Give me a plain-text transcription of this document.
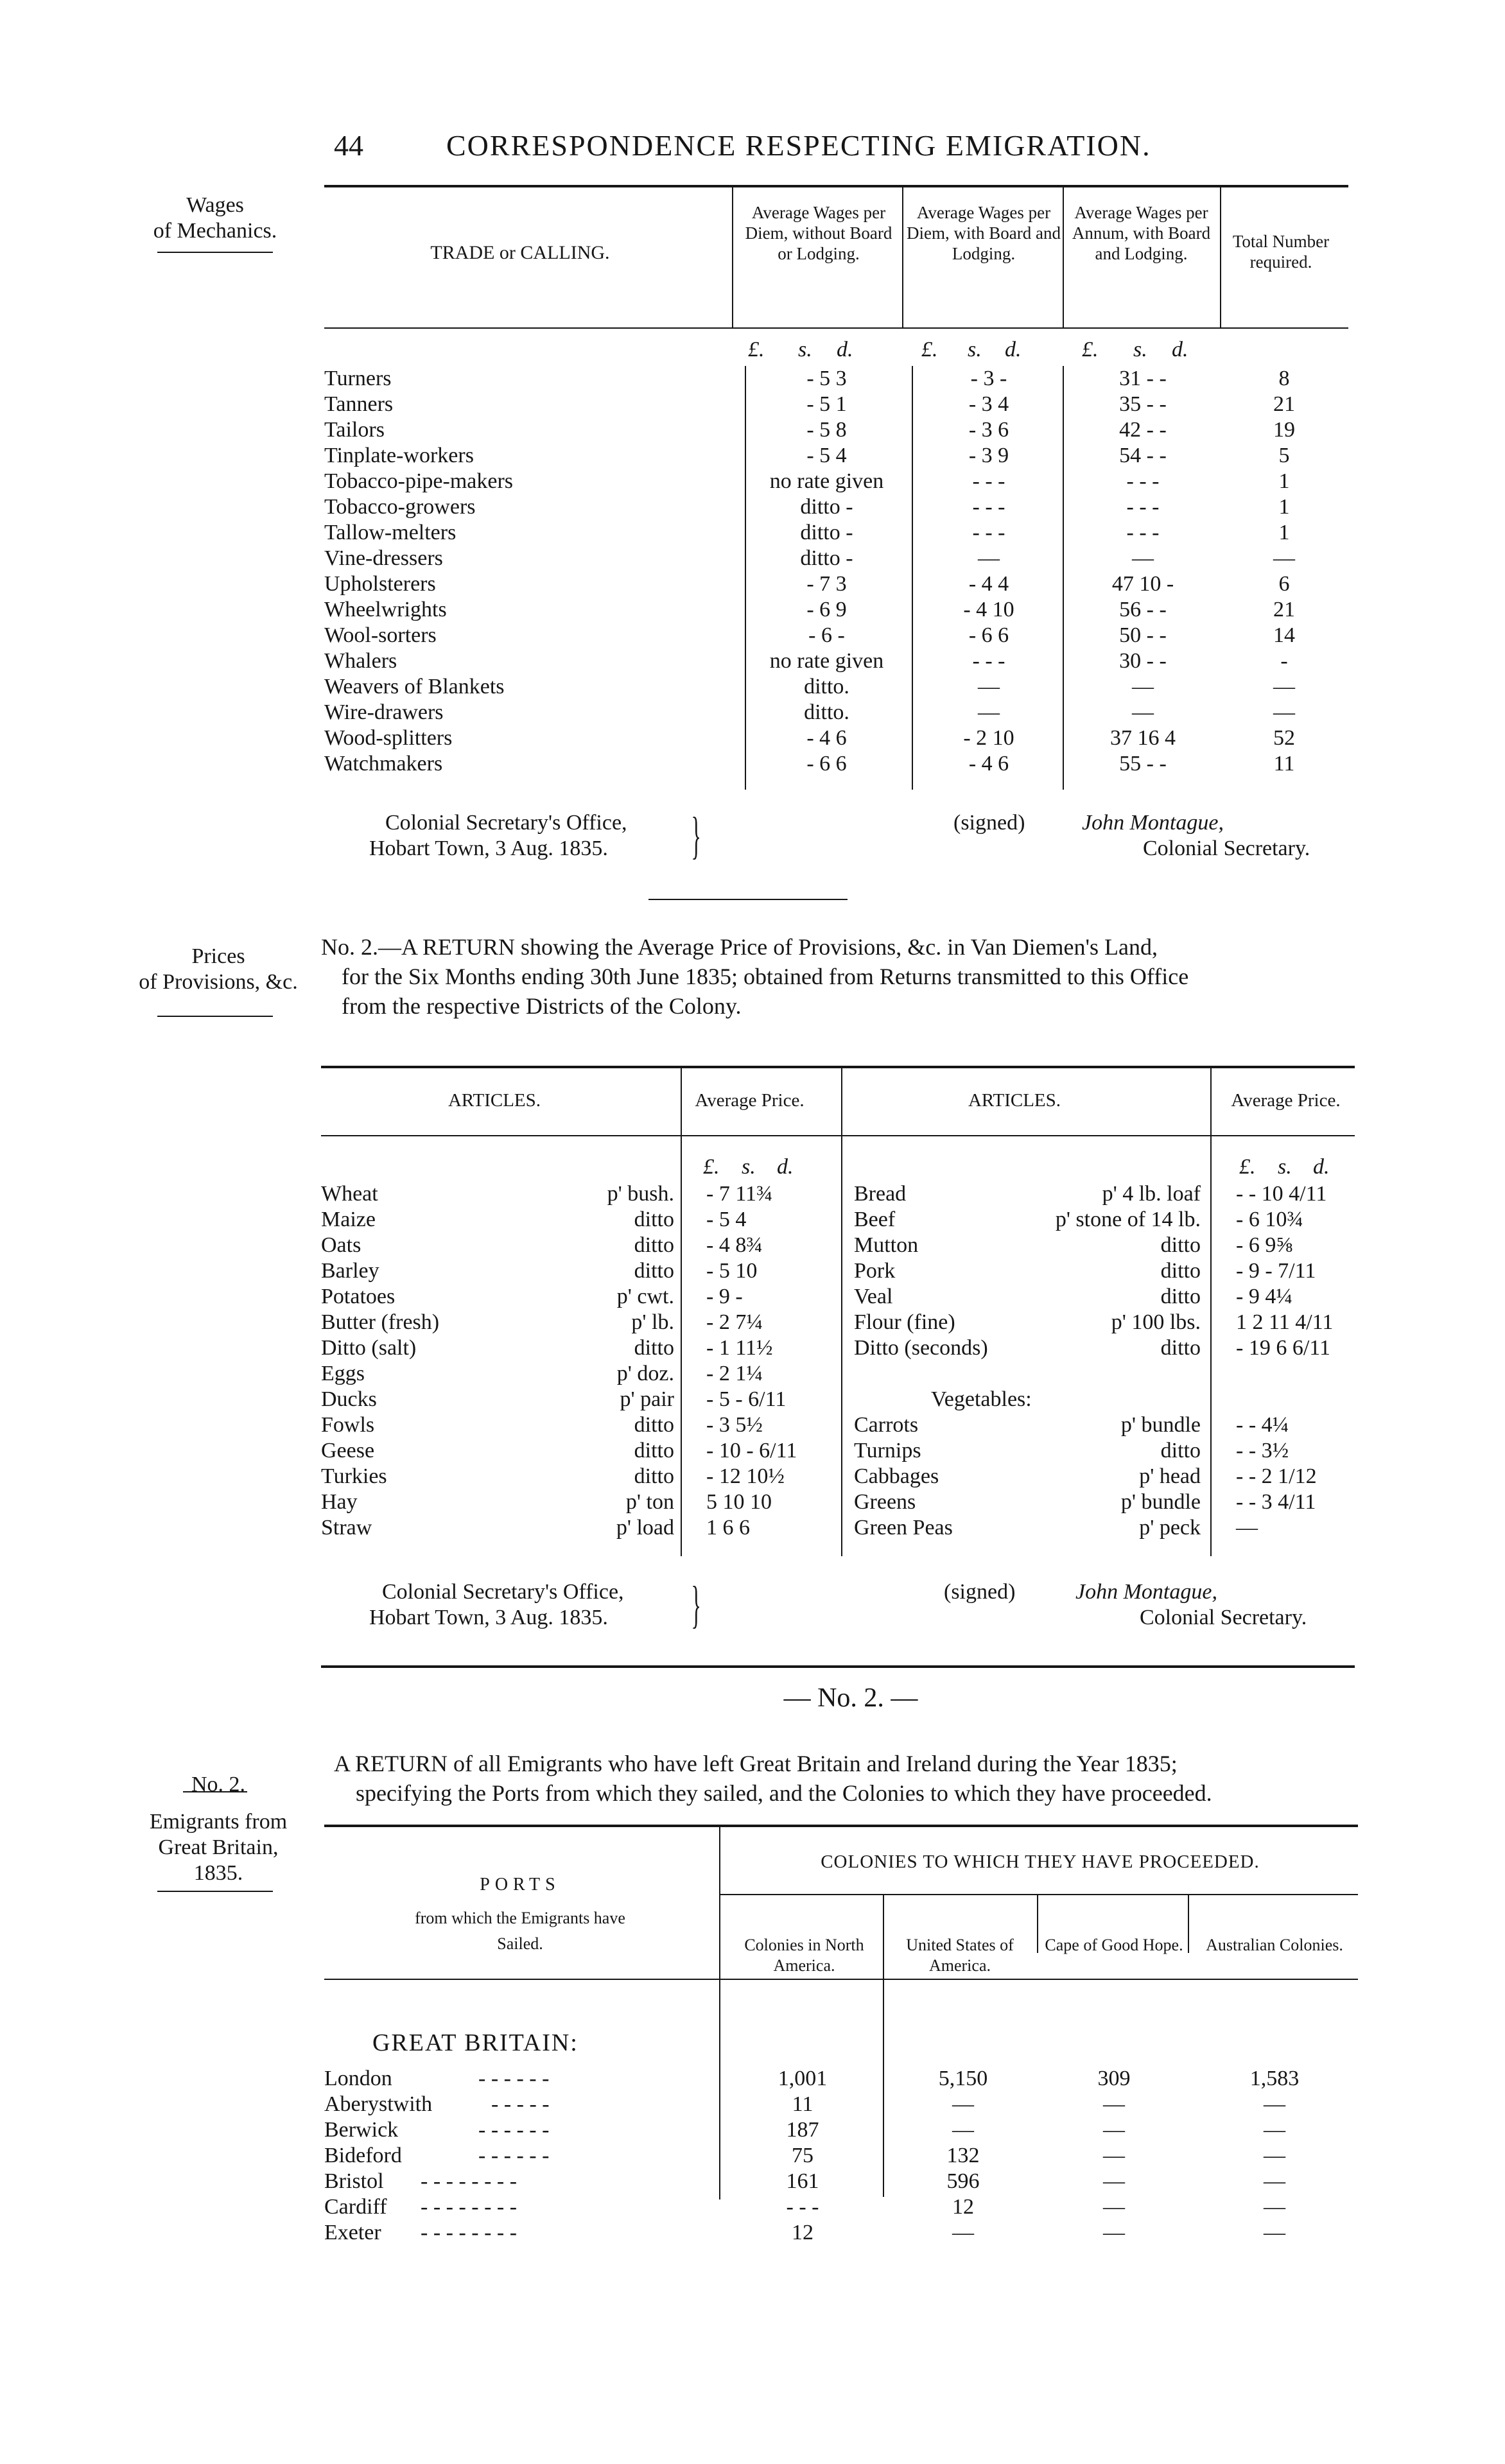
44	CORRESPONDENCE RESPECTING EMIGRATION.
Wages
of Mechanics.
TRADE or CALLING.
Average Wages per Diem, without Board or Lodging.
Average Wages per Diem, with Board and Lodging.
Average Wages per Annum, with Board and Lodging.
Total Number required.
£. s. d.	£. s. d.	£. s. d.
Turners	- 5 3	- 3 -	31 - -	8
Tanners	- 5 1	- 3 4	35 - -	21
Tailors	- 5 8	- 3 6	42 - -	19
Tinplate-workers	- 5 4	- 3 9	54 - -	5
Tobacco-pipe-makers	no rate given	- - -	- - -	1
Tobacco-growers	ditto -	- - -	- - -	1
Tallow-melters	ditto -	- - -	- - -	1
Vine-dressers	ditto -	—	—	—
Upholsterers	- 7 3	- 4 4	47 10 -	6
Wheelwrights	- 6 9	- 4 10	56 - -	21
Wool-sorters	- 6 -	- 6 6	50 - -	14
Whalers	no rate given	- - -	30 - -	-
Weavers of Blankets	ditto.	—	—	—
Wire-drawers	ditto.	—	—	—
Wood-splitters	- 4 6	- 2 10	37 16 4	52
Watchmakers	- 6 6	- 4 6	55 - -	11
Colonial Secretary's Office,
Hobart Town, 3 Aug. 1835. }	(signed)	John Montague,
Colonial Secretary.
Prices
of Provisions, &c.
No. 2.—A RETURN showing the Average Price of Provisions, &c. in Van Diemen's Land,
for the Six Months ending 30th June 1835; obtained from Returns transmitted to this Office
from the respective Districts of the Colony.
ARTICLES.	Average Price.	ARTICLES.	Average Price.
£. s. d.	£. s. d.
Wheat	p' bush. - 7 11¾	Bread	p' 4 lb. loaf - - 10 4/11
Maize	ditto - 5 4	Beef	p' stone of 14 lb. - 6 10¾
Oats	ditto - 4 8¾	Mutton	ditto - 6 9⅝
Barley	ditto - 5 10	Pork	ditto - 9 - 7/11
Potatoes	p' cwt. - 9 -	Veal	ditto - 9 4¼
Butter (fresh)	p' lb. - 2 7¼	Flour (fine)	p' 100 lbs. 1 2 11 4/11
Ditto (salt)	ditto - 1 11½	Ditto (seconds)	ditto - 19 6 6/11
Eggs	p' doz. - 2 1¼
Ducks	p' pair - 5 - 6/11	Vegetables:
Fowls	ditto - 3 5½	Carrots	p' bundle - - 4¼
Geese	ditto - 10 - 6/11	Turnips	ditto - - 3½
Turkies	ditto - 12 10½	Cabbages	p' head - - 2 1/12
Hay	p' ton 5 10 10	Greens	p' bundle - - 3 4/11
Straw	p' load 1 6 6	Green Peas	p' peck —
Colonial Secretary's Office,
Hobart Town, 3 Aug. 1835. }	(signed)	John Montague,
Colonial Secretary.
— No. 2. —
No. 2.
Emigrants from
Great Britain,
1835.
A RETURN of all Emigrants who have left Great Britain and Ireland during the Year 1835;
specifying the Ports from which they sailed, and the Colonies to which they have proceeded.
PORTS
from which the Emigrants have Sailed.
COLONIES TO WHICH THEY HAVE PROCEEDED.
Colonies in North America.
United States of America.
Cape of Good Hope.	Australian Colonies.
GREAT BRITAIN:
London	- - - - - -	1,001	5,150	309	1,583
Aberystwith	- - - - -	11	—	—	—
Berwick	- - - - - -	187	—	—	—
Bideford	- - - - - -	75	132	—	—
Bristol - - - - - - - -	161	596	—	—
Cardiff - - - - - - - -	- - -	12	—	—
Exeter - - - - - - - -	12	—	—	—
